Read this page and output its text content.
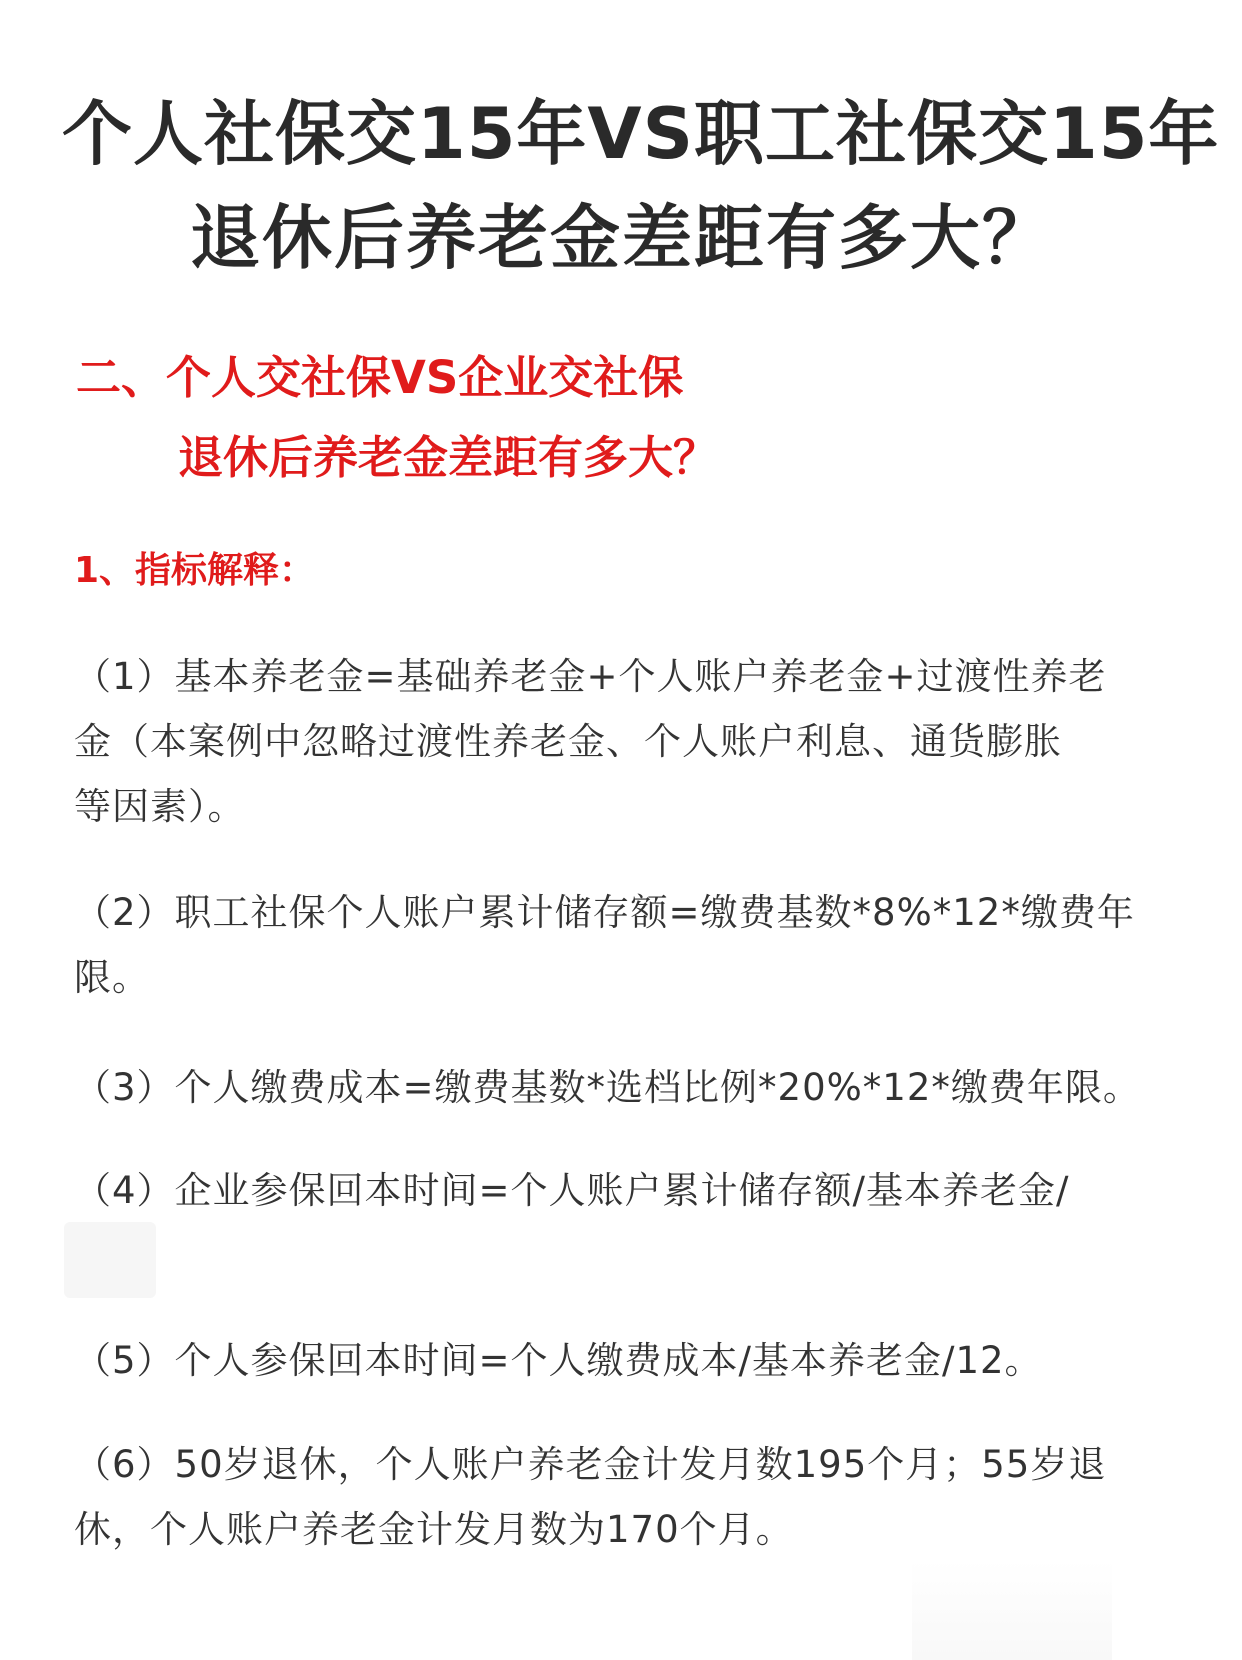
个人社保交15年VS职工社保交15年
退休后养老金差距有多大？
二、个人交社保VS企业交社保
退休后养老金差距有多大？
1、指标解释：
（1）基本养老金=基础养老金+个人账户养老金+过渡性养老
金（本案例中忽略过渡性养老金、个人账户利息、通货膨胀
等因素）。
（2）职工社保个人账户累计储存额=缴费基数*8%*12*缴费年
限。
（3）个人缴费成本=缴费基数*选档比例*20%*12*缴费年限。
（4）企业参保回本时间=个人账户累计储存额/基本养老金/
（5）个人参保回本时间=个人缴费成本/基本养老金/12。
（6）50岁退休，个人账户养老金计发月数195个月；55岁退
休，个人账户养老金计发月数为170个月。
